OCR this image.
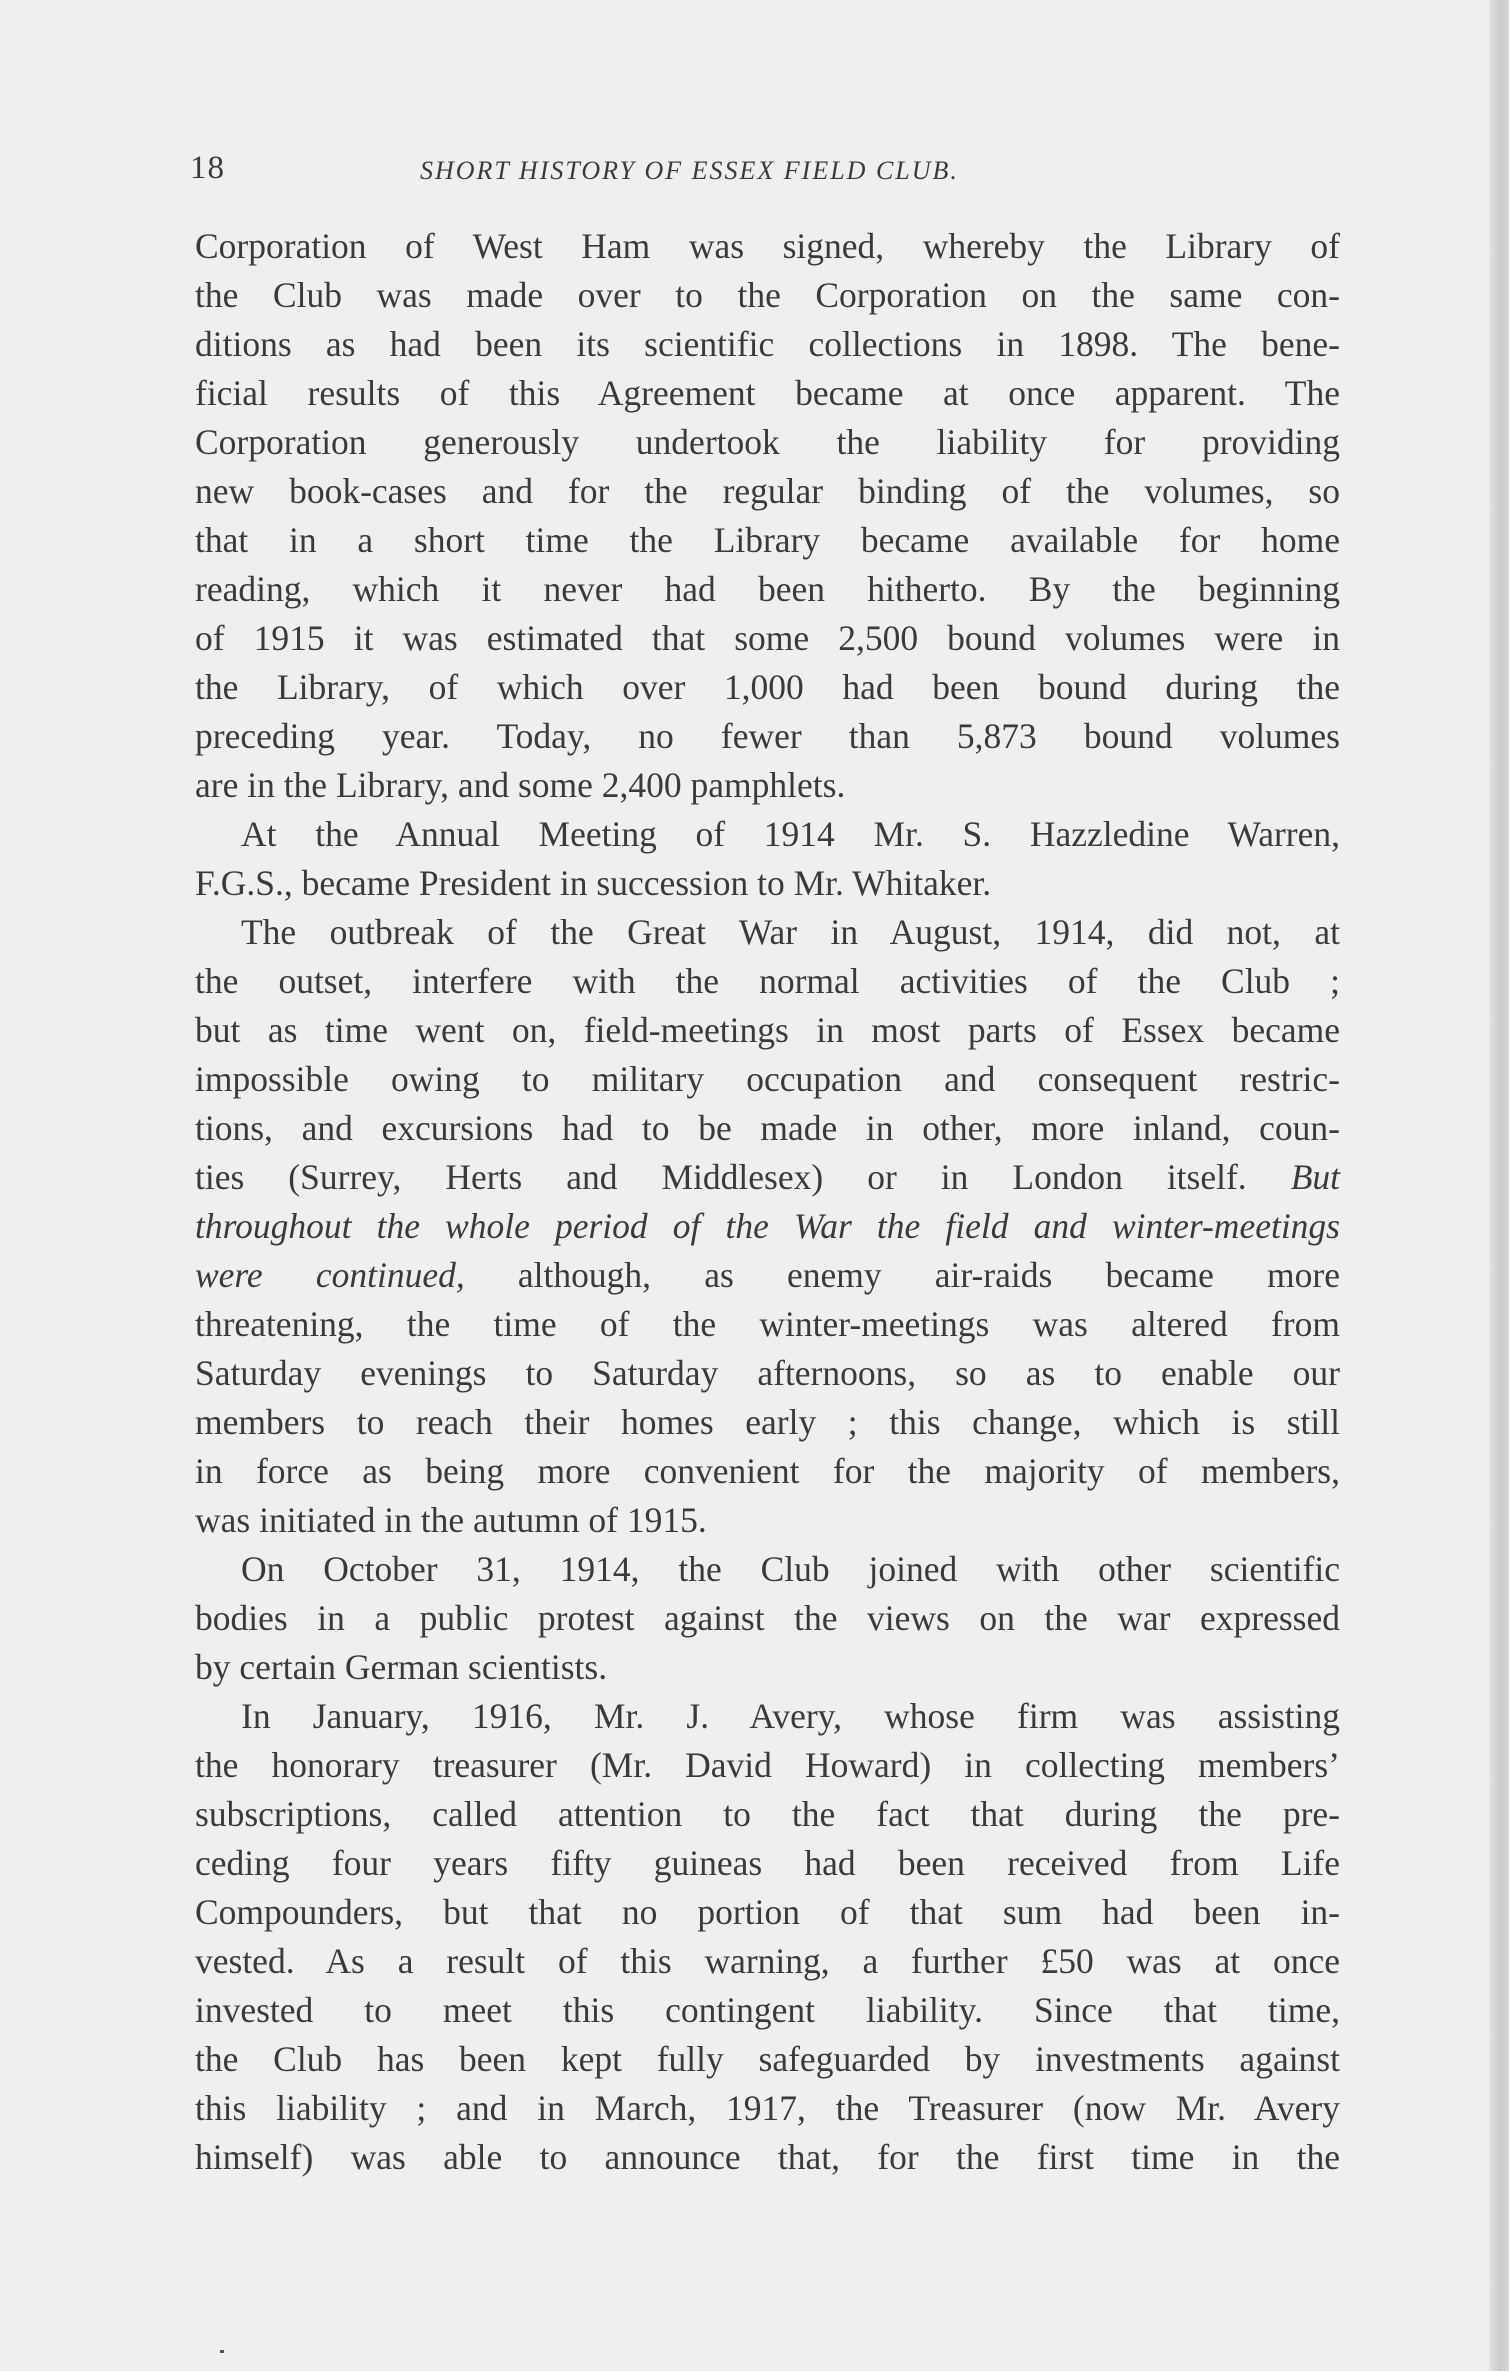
18	SHORT HISTORY OF ESSEX FIELD CLUB.
Corporation of West Ham was signed, whereby the Library of
the Club was made over to the Corporation on the same con-
ditions as had been its scientific collections in 1898. The bene-
ficial results of this Agreement became at once apparent. The
Corporation generously undertook the liability for providing
new book-cases and for the regular binding of the volumes, so
that in a short time the Library became available for home
reading, which it never had been hitherto. By the beginning
of 1915 it was estimated that some 2,500 bound volumes were in
the Library, of which over 1,000 had been bound during the
preceding year. Today, no fewer than 5,873 bound volumes
are in the Library, and some 2,400 pamphlets.
At the Annual Meeting of 1914 Mr. S. Hazzledine Warren,
F.G.S., became President in succession to Mr. Whitaker.
The outbreak of the Great War in August, 1914, did not, at
the outset, interfere with the normal activities of the Club ;
but as time went on, field-meetings in most parts of Essex became
impossible owing to military occupation and consequent restric-
tions, and excursions had to be made in other, more inland, coun-
ties (Surrey, Herts and Middlesex) or in London itself. But
throughout the whole period of the War the field and winter-meetings
were continued, although, as enemy air-raids became more
threatening, the time of the winter-meetings was altered from
Saturday evenings to Saturday afternoons, so as to enable our
members to reach their homes early ; this change, which is still
in force as being more convenient for the majority of members,
was initiated in the autumn of 1915.
On October 31, 1914, the Club joined with other scientific
bodies in a public protest against the views on the war expressed
by certain German scientists.
In January, 1916, Mr. J. Avery, whose firm was assisting
the honorary treasurer (Mr. David Howard) in collecting members’
subscriptions, called attention to the fact that during the pre-
ceding four years fifty guineas had been received from Life
Compounders, but that no portion of that sum had been in-
vested. As a result of this warning, a further £50 was at once
invested to meet this contingent liability. Since that time,
the Club has been kept fully safeguarded by investments against
this liability ; and in March, 1917, the Treasurer (now Mr. Avery
himself) was able to announce that, for the first time in the
